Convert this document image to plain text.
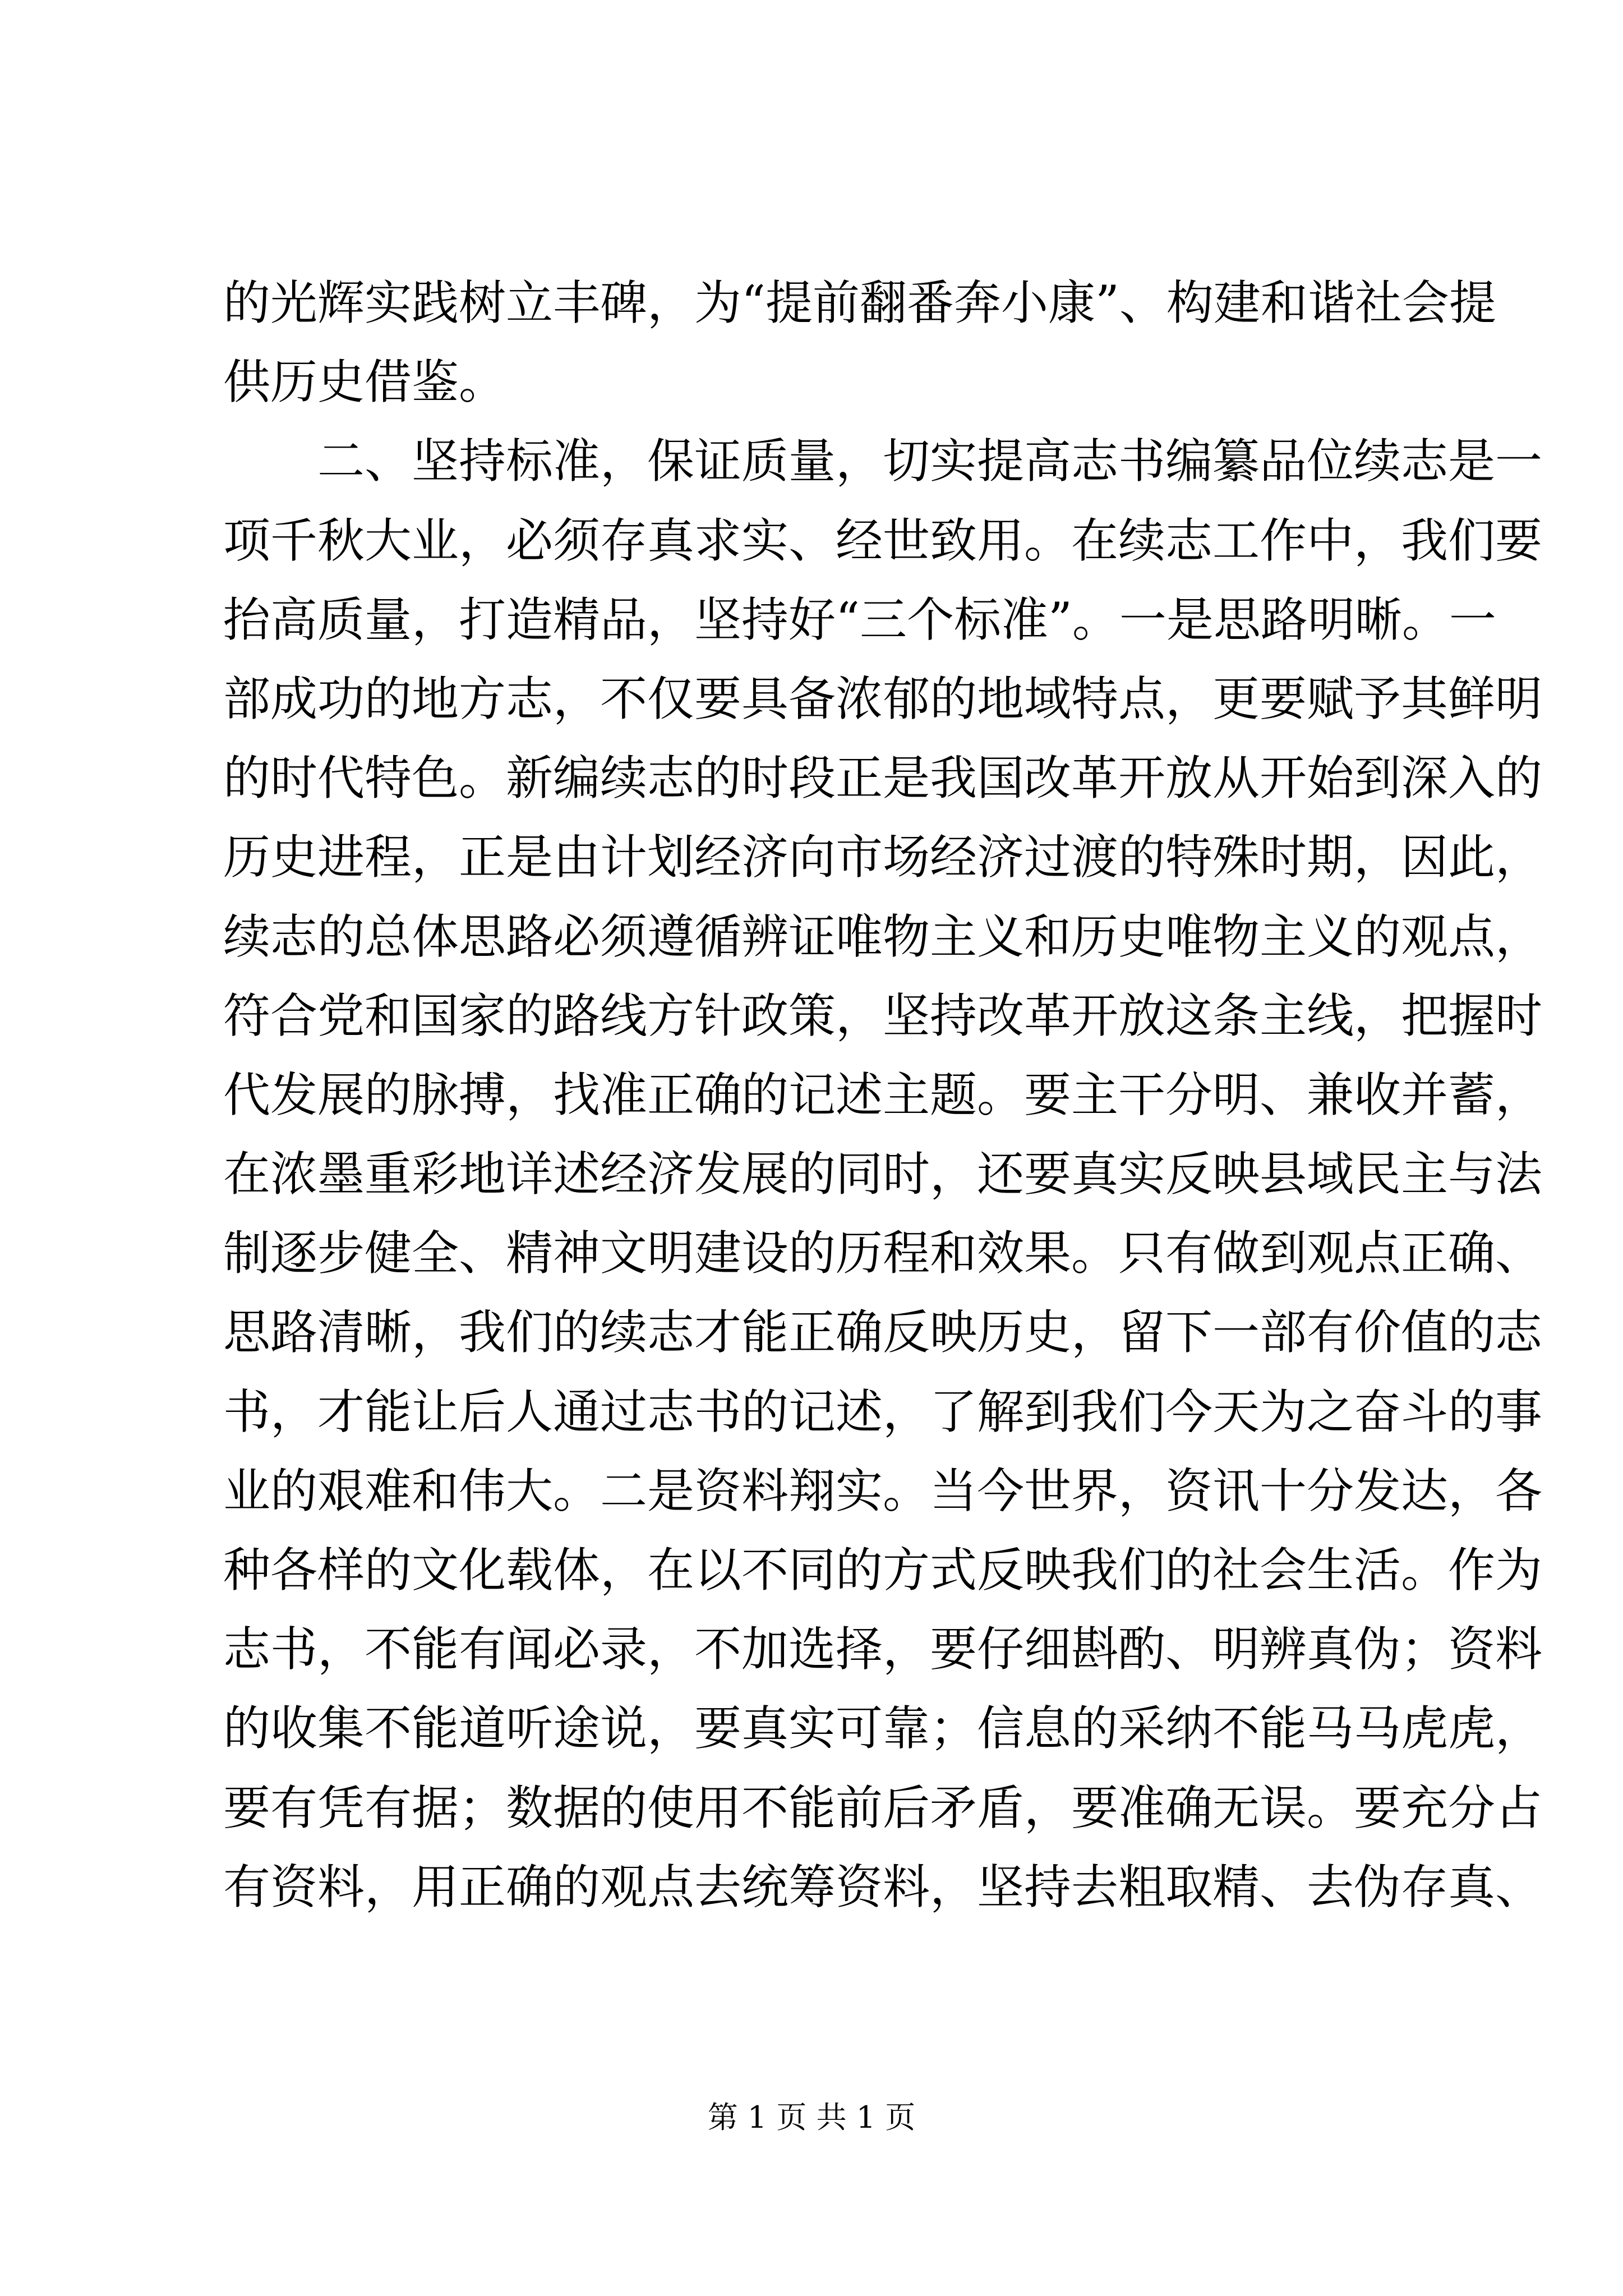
的光辉实践树立丰碑，为“提前翻番奔小康”、构建和谐社会提
供历史借鉴。
　　二、坚持标准，保证质量，切实提高志书编纂品位续志是一
项千秋大业，必须存真求实、经世致用。在续志工作中，我们要
抬高质量，打造精品，坚持好“三个标准”。一是思路明晰。一
部成功的地方志，不仅要具备浓郁的地域特点，更要赋予其鲜明
的时代特色。新编续志的时段正是我国改革开放从开始到深入的
历史进程，正是由计划经济向市场经济过渡的特殊时期，因此，
续志的总体思路必须遵循辨证唯物主义和历史唯物主义的观点，
符合党和国家的路线方针政策，坚持改革开放这条主线，把握时
代发展的脉搏，找准正确的记述主题。要主干分明、兼收并蓄，
在浓墨重彩地详述经济发展的同时，还要真实反映县域民主与法
制逐步健全、精神文明建设的历程和效果。只有做到观点正确、
思路清晰，我们的续志才能正确反映历史，留下一部有价值的志
书，才能让后人通过志书的记述，了解到我们今天为之奋斗的事
业的艰难和伟大。二是资料翔实。当今世界，资讯十分发达，各
种各样的文化载体，在以不同的方式反映我们的社会生活。作为
志书，不能有闻必录，不加选择，要仔细斟酌、明辨真伪；资料
的收集不能道听途说，要真实可靠；信息的采纳不能马马虎虎，
要有凭有据；数据的使用不能前后矛盾，要准确无误。要充分占
有资料，用正确的观点去统筹资料，坚持去粗取精、去伪存真、
第 1 页 共 1 页
